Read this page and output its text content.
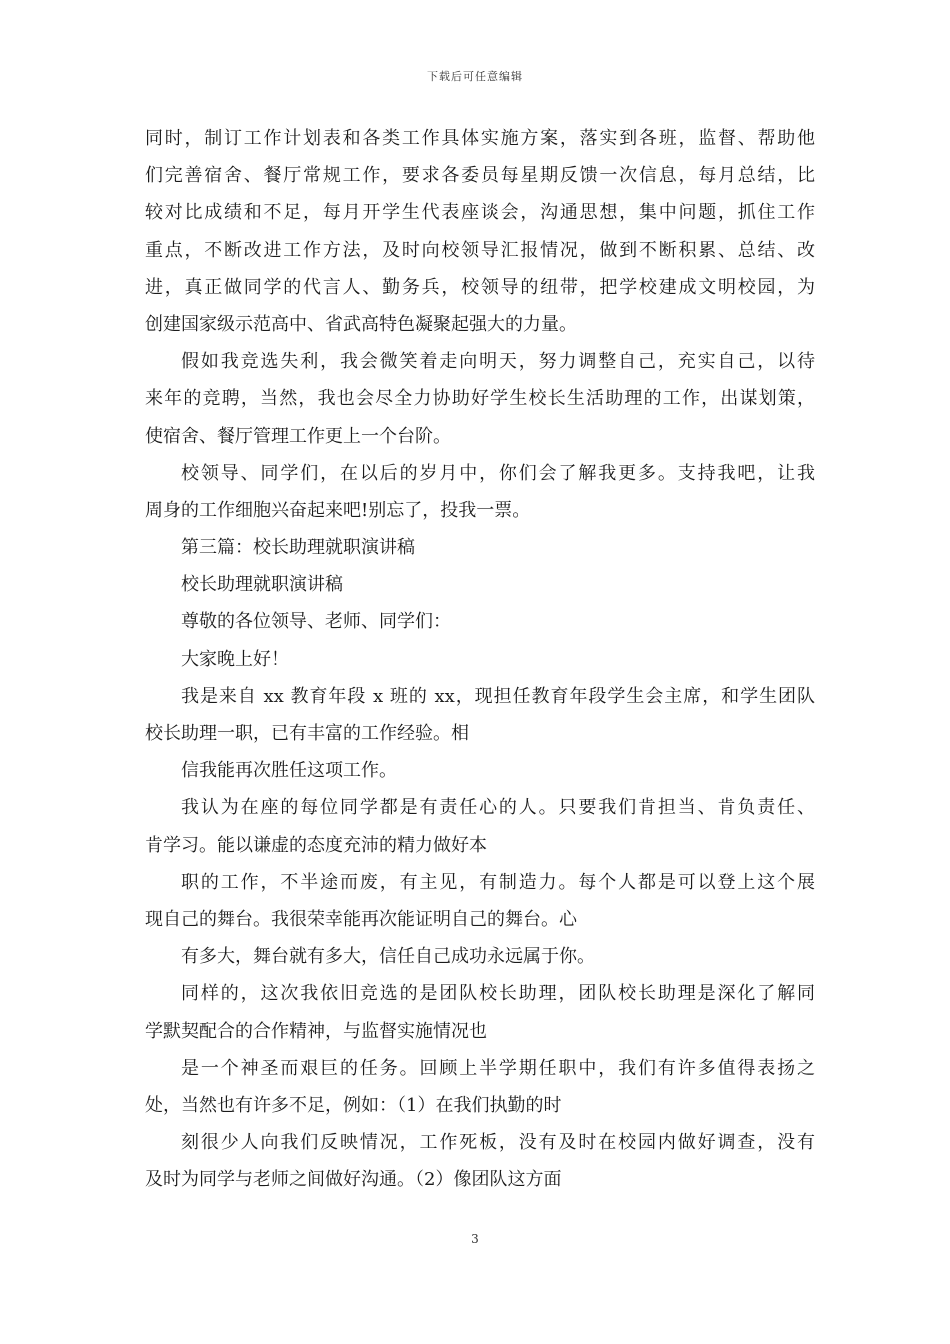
下载后可任意编辑
同时，制订工作计划表和各类工作具体实施方案，落实到各班，监督、帮助他
们完善宿舍、餐厅常规工作，要求各委员每星期反馈一次信息，每月总结，比
较对比成绩和不足，每月开学生代表座谈会，沟通思想，集中问题，抓住工作
重点，不断改进工作方法，及时向校领导汇报情况，做到不断积累、总结、改
进，真正做同学的代言人、勤务兵，校领导的纽带，把学校建成文明校园，为
创建国家级示范高中、省武高特色凝聚起强大的力量。
假如我竞选失利，我会微笑着走向明天，努力调整自己，充实自己，以待
来年的竞聘，当然，我也会尽全力协助好学生校长生活助理的工作，出谋划策，
使宿舍、餐厅管理工作更上一个台阶。
校领导、同学们，在以后的岁月中，你们会了解我更多。支持我吧，让我
周身的工作细胞兴奋起来吧!别忘了，投我一票。
第三篇：校长助理就职演讲稿
校长助理就职演讲稿
尊敬的各位领导、老师、同学们：
大家晚上好！
我是来自 xx 教育年段 x 班的 xx，现担任教育年段学生会主席，和学生团队
校长助理一职，已有丰富的工作经验。相
信我能再次胜任这项工作。
我认为在座的每位同学都是有责任心的人。只要我们肯担当、肯负责任、
肯学习。能以谦虚的态度充沛的精力做好本
职的工作，不半途而废，有主见，有制造力。每个人都是可以登上这个展
现自己的舞台。我很荣幸能再次能证明自己的舞台。心
有多大，舞台就有多大，信任自己成功永远属于你。
同样的，这次我依旧竞选的是团队校长助理，团队校长助理是深化了解同
学默契配合的合作精神，与监督实施情况也
是一个神圣而艰巨的任务。回顾上半学期任职中，我们有许多值得表扬之
处，当然也有许多不足，例如：（1）在我们执勤的时
刻很少人向我们反映情况，工作死板，没有及时在校园内做好调查，没有
及时为同学与老师之间做好沟通。（2）像团队这方面
3
